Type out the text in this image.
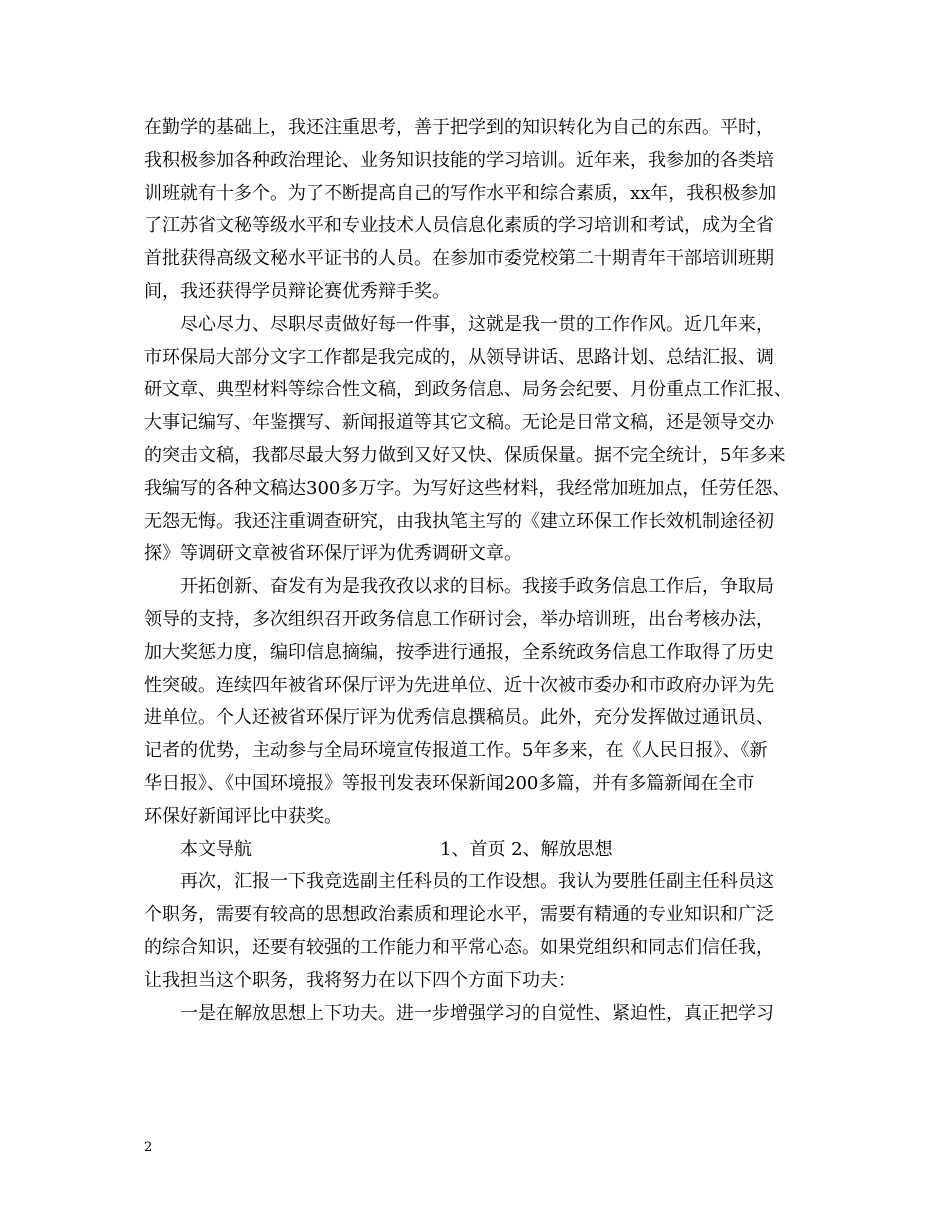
在勤学的基础上，我还注重思考，善于把学到的知识转化为自己的东西。平时，
我积极参加各种政治理论、业务知识技能的学习培训。近年来，我参加的各类培
训班就有十多个。为了不断提高自己的写作水平和综合素质，xx年，我积极参加
了江苏省文秘等级水平和专业技术人员信息化素质的学习培训和考试，成为全省
首批获得高级文秘水平证书的人员。在参加市委党校第二十期青年干部培训班期
间，我还获得学员辩论赛优秀辩手奖。
尽心尽力、尽职尽责做好每一件事，这就是我一贯的工作作风。近几年来，
市环保局大部分文字工作都是我完成的，从领导讲话、思路计划、总结汇报、调
研文章、典型材料等综合性文稿，到政务信息、局务会纪要、月份重点工作汇报、
大事记编写、年鉴撰写、新闻报道等其它文稿。无论是日常文稿，还是领导交办
的突击文稿，我都尽最大努力做到又好又快、保质保量。据不完全统计，5年多来
我编写的各种文稿达300多万字。为写好这些材料，我经常加班加点，任劳任怨、
无怨无悔。我还注重调查研究，由我执笔主写的《建立环保工作长效机制途径初
探》等调研文章被省环保厅评为优秀调研文章。
开拓创新、奋发有为是我孜孜以求的目标。我接手政务信息工作后，争取局
领导的支持，多次组织召开政务信息工作研讨会，举办培训班，出台考核办法，
加大奖惩力度，编印信息摘编，按季进行通报，全系统政务信息工作取得了历史
性突破。连续四年被省环保厅评为先进单位、近十次被市委办和市政府办评为先
进单位。个人还被省环保厅评为优秀信息撰稿员。此外，充分发挥做过通讯员、
记者的优势，主动参与全局环境宣传报道工作。5年多来，在《人民日报》、《新
华日报》、《中国环境报》等报刊发表环保新闻200多篇，并有多篇新闻在全市
环保好新闻评比中获奖。
本文导航	1、首页 2、解放思想
再次，汇报一下我竞选副主任科员的工作设想。我认为要胜任副主任科员这
个职务，需要有较高的思想政治素质和理论水平，需要有精通的专业知识和广泛
的综合知识，还要有较强的工作能力和平常心态。如果党组织和同志们信任我，
让我担当这个职务，我将努力在以下四个方面下功夫：
一是在解放思想上下功夫。进一步增强学习的自觉性、紧迫性，真正把学习
2
